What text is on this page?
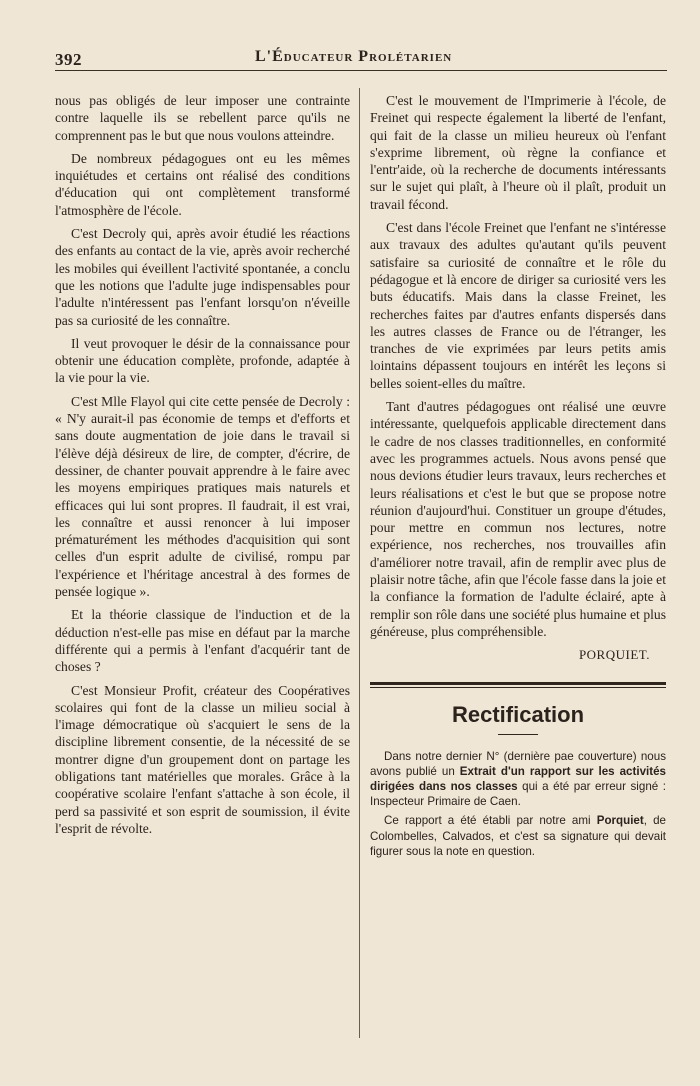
392	L'Éducateur Prolétarien

nous pas obligés de leur imposer une contrainte contre laquelle ils se rebellent parce qu'ils ne comprennent pas le but que nous voulons atteindre.

De nombreux pédagogues ont eu les mêmes inquiétudes et certains ont réalisé des conditions d'éducation qui ont complètement transformé l'atmosphère de l'école.

C'est Decroly qui, après avoir étudié les réactions des enfants au contact de la vie, après avoir recherché les mobiles qui éveillent l'activité spontanée, a conclu que les notions que l'adulte juge indispensables pour l'adulte n'intéressent pas l'enfant lorsqu'on n'éveille pas sa curiosité de les connaître.

Il veut provoquer le désir de la connaissance pour obtenir une éducation complète, profonde, adaptée à la vie pour la vie.

C'est Mlle Flayol qui cite cette pensée de Decroly : « N'y aurait-il pas économie de temps et d'efforts et sans doute augmentation de joie dans le travail si l'élève déjà désireux de lire, de compter, d'écrire, de dessiner, de chanter pouvait apprendre à le faire avec les moyens empiriques pratiques mais naturels et efficaces qui lui sont propres. Il faudrait, il est vrai, les connaître et aussi renoncer à lui imposer prématurément les méthodes d'acquisition qui sont celles d'un esprit adulte de civilisé, rompu par l'expérience et l'héritage ancestral à des formes de pensée logique ».

Et la théorie classique de l'induction et de la déduction n'est-elle pas mise en défaut par la marche différente qui a permis à l'enfant d'acquérir tant de choses ?

C'est Monsieur Profit, créateur des Coopératives scolaires qui font de la classe un milieu social à l'image démocratique où s'acquiert le sens de la discipline librement consentie, de la nécessité de se montrer digne d'un groupement dont on partage les obligations tant matérielles que morales. Grâce à la coopérative scolaire l'enfant s'attache à son école, il perd sa passivité et son esprit de soumission, il évite l'esprit de révolte.

C'est le mouvement de l'Imprimerie à l'école, de Freinet qui respecte également la liberté de l'enfant, qui fait de la classe un milieu heureux où l'enfant s'exprime librement, où règne la confiance et l'entr'aide, où la recherche de documents intéressants sur le sujet qui plaît, à l'heure où il plaît, produit un travail fécond.

C'est dans l'école Freinet que l'enfant ne s'intéresse aux travaux des adultes qu'autant qu'ils peuvent satisfaire sa curiosité de connaître et le rôle du pédagogue et là encore de diriger sa curiosité vers les buts éducatifs. Mais dans la classe Freinet, les recherches faites par d'autres enfants dispersés dans les autres classes de France ou de l'étranger, les tranches de vie exprimées par leurs petits amis lointains dépassent toujours en intérêt les leçons si belles soient-elles du maître.

Tant d'autres pédagogues ont réalisé une œuvre intéressante, quelquefois applicable directement dans le cadre de nos classes traditionnelles, en conformité avec les programmes actuels. Nous avons pensé que nous devions étudier leurs travaux, leurs recherches et leurs réalisations et c'est le but que se propose notre réunion d'aujourd'hui. Constituer un groupe d'études, pour mettre en commun nos lectures, notre expérience, nos recherches, nos trouvailles afin d'améliorer notre travail, afin de remplir avec plus de plaisir notre tâche, afin que l'école fasse dans la joie et la confiance la formation de l'adulte éclairé, apte à remplir son rôle dans une société plus humaine et plus généreuse, plus compréhensible.

PORQUIET.

Rectification

Dans notre dernier N° (dernière pae couverture) nous avons publié un Extrait d'un rapport sur les activités dirigées dans nos classes qui a été par erreur signé : Inspecteur Primaire de Caen.

Ce rapport a été établi par notre ami Porquiet, de Colombelles, Calvados, et c'est sa signature qui devait figurer sous la note en question.
